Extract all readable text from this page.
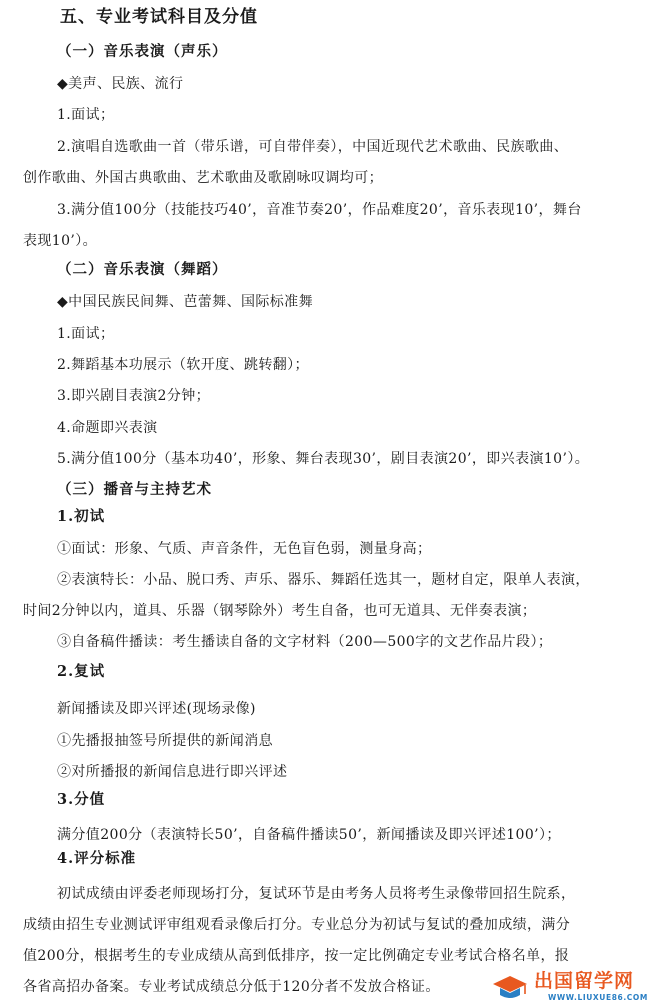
五、专业考试科目及分值
（一）音乐表演（声乐）
◆美声、民族、流行
1.面试；
2.演唱自选歌曲一首（带乐谱，可自带伴奏），中国近现代艺术歌曲、民族歌曲、
创作歌曲、外国古典歌曲、艺术歌曲及歌剧咏叹调均可；
3.满分值100分（技能技巧40’，音准节奏20’，作品难度20’，音乐表现10’，舞台
表现10’）。
（二）音乐表演（舞蹈）
◆中国民族民间舞、芭蕾舞、国际标准舞
1.面试；
2.舞蹈基本功展示（软开度、跳转翻）；
3.即兴剧目表演2分钟；
4.命题即兴表演
5.满分值100分（基本功40’，形象、舞台表现30’，剧目表演20’，即兴表演10’）。
（三）播音与主持艺术
1.初试
①面试：形象、气质、声音条件，无色盲色弱，测量身高；
②表演特长：小品、脱口秀、声乐、器乐、舞蹈任选其一，题材自定，限单人表演，
时间2分钟以内，道具、乐器（钢琴除外）考生自备，也可无道具、无伴奏表演；
③自备稿件播读：考生播读自备的文字材料（200—500字的文艺作品片段）；
2.复试
新闻播读及即兴评述(现场录像)
①先播报抽签号所提供的新闻消息
②对所播报的新闻信息进行即兴评述
3.分值
满分值200分（表演特长50’，自备稿件播读50’，新闻播读及即兴评述100’）；
4.评分标准
初试成绩由评委老师现场打分，复试环节是由考务人员将考生录像带回招生院系，
成绩由招生专业测试评审组观看录像后打分。专业总分为初试与复试的叠加成绩，满分
值200分，根据考生的专业成绩从高到低排序，按一定比例确定专业考试合格名单，报
各省高招办备案。专业考试成绩总分低于120分者不发放合格证。	出国留学网
WWW.LIUXUE86.COM
